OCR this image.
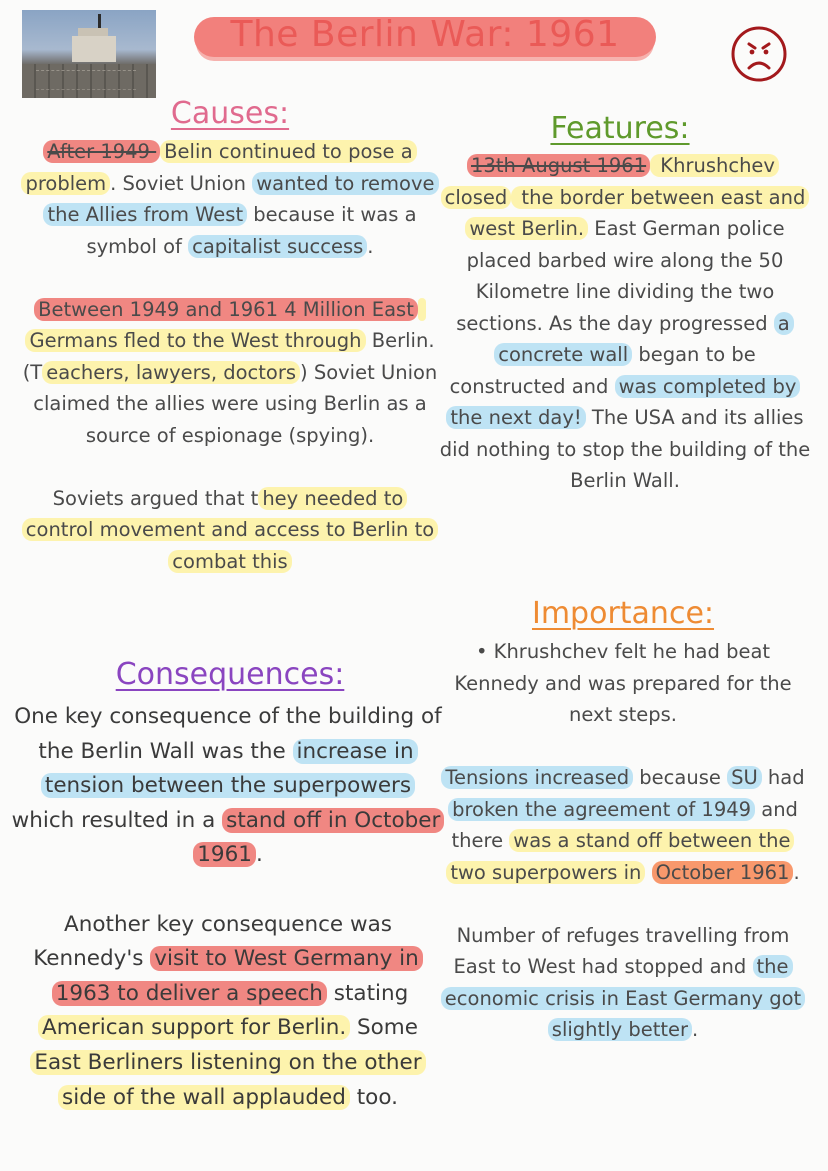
The Berlin War: 1961
Causes:	Features:
Consequences:
Importance:

After 1949 Belin continued to pose a problem . Soviet Union wanted to remove the Allies from West because it was a symbol of capitalist success .

Between 1949 and 1961 4 Million East Germans fled to the West through Berlin. (T eachers, lawyers, doctors ) Soviet Union claimed the allies were using Berlin as a source of espionage (spying).

Soviets argued that t hey needed to control movement and access to Berlin to combat this

13th August 1961 Khrushchev closed the border between east and west Berlin. East German police placed barbed wire along the 50 Kilometre line dividing the two sections. As the day progressed a concrete wall began to be constructed and was completed by the next day! The USA and its allies did nothing to stop the building of the Berlin Wall.

One key consequence of the building of the Berlin Wall was the increase in tension between the superpowers which resulted in a stand off in October 1961 .

Another key consequence was Kennedy's visit to West Germany in 1963 to deliver a speech stating American support for Berlin. Some East Berliners listening on the other side of the wall applauded too.

• Khrushchev felt he had beat Kennedy and was prepared for the next steps.

Tensions increased because SU had broken the agreement of 1949 and there was a stand off between the two superpowers in October 1961 .

Number of refuges travelling from East to West had stopped and the economic crisis in East Germany got slightly better .
